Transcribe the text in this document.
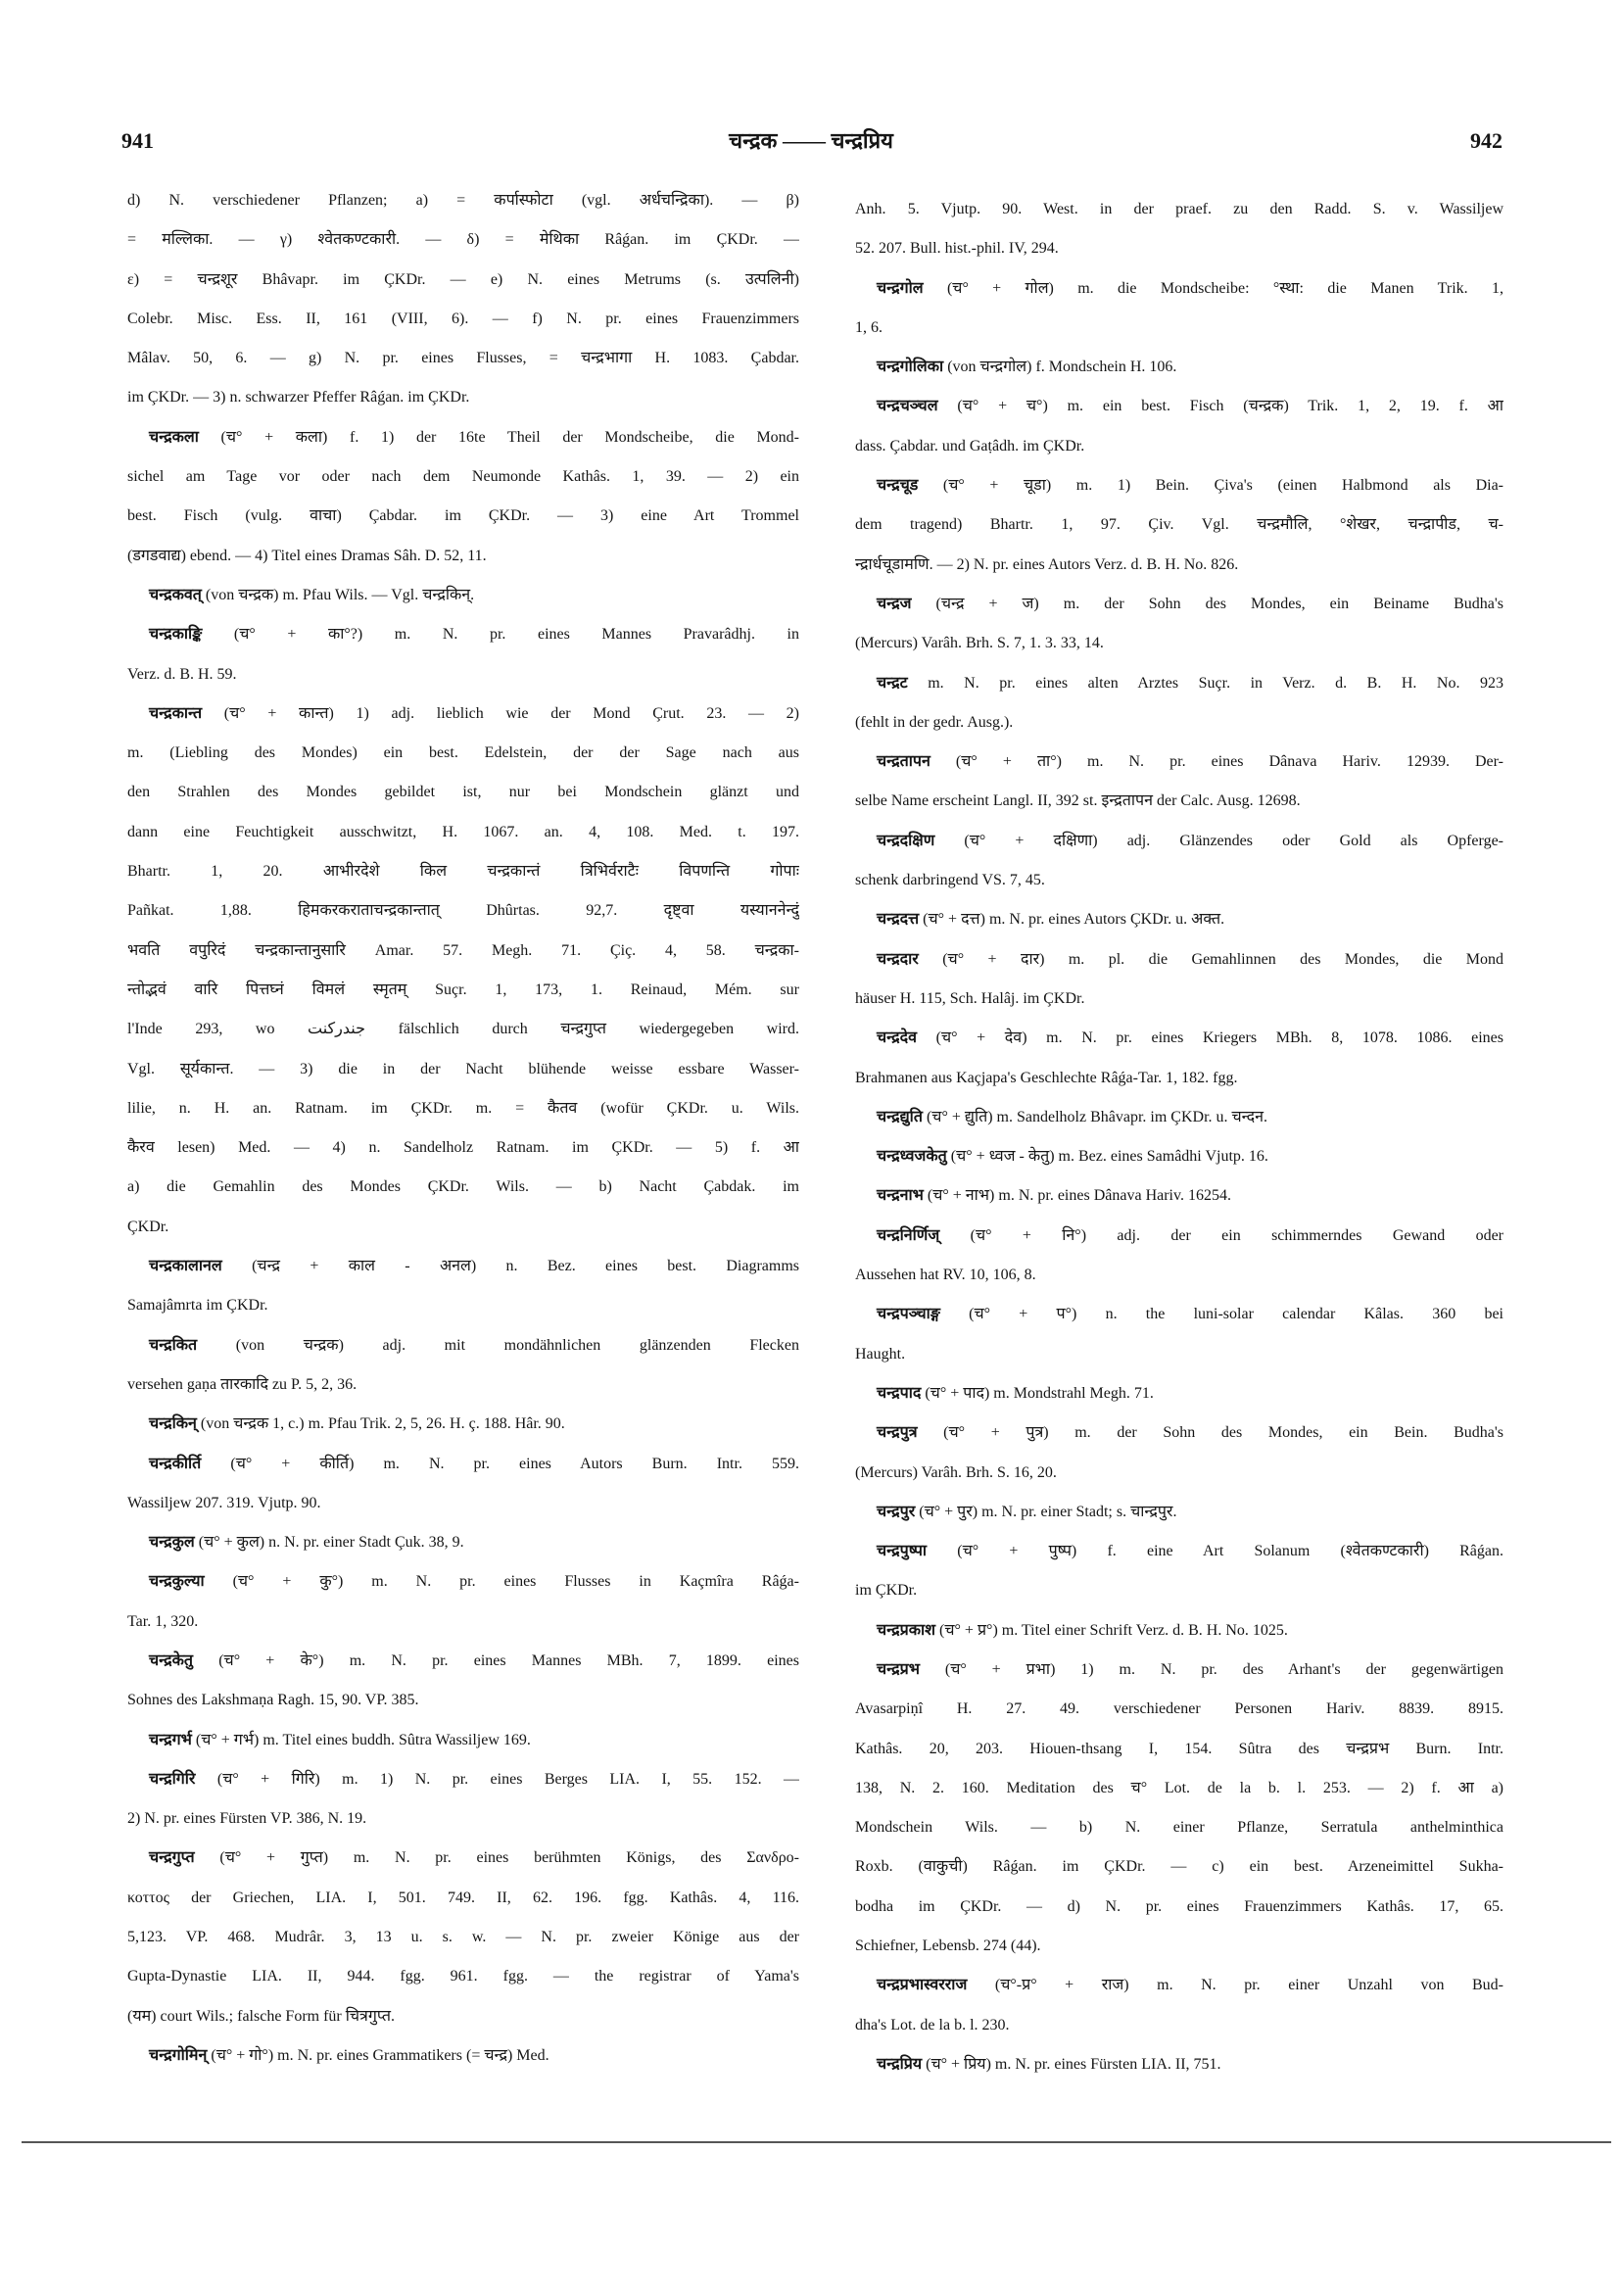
941	चन्द्रक —— चन्द्रप्रिय	942
d) N. verschiedener Pflanzen; a) = कर्पास्फोटा (vgl. अर्धचन्द्रिका). — β)
= मल्लिका. — γ) श्वेतकण्टकारी. — δ) = मेथिका Râǵan. im ÇKDr. —
ε) = चन्द्रशूर Bhâvapr. im ÇKDr. — e) N. eines Metrums (s. उत्पलिनी)
Colebr. Misc. Ess. II, 161 (VIII, 6). — f) N. pr. eines Frauenzimmers
Mâlav. 50, 6. — g) N. pr. eines Flusses, = चन्द्रभागा H. 1083. Çabdar.
im ÇKDr. — 3) n. schwarzer Pfeffer Râǵan. im ÇKDr.
चन्द्रकला (च° + कला) f. 1) der 16te Theil der Mondscheibe, die Mond-
sichel am Tage vor oder nach dem Neumonde Kathâs. 1, 39. — 2) ein
best. Fisch (vulg. वाचा) Çabdar. im ÇKDr. — 3) eine Art Trommel
(डगडवाद्य) ebend. — 4) Titel eines Dramas Sâh. D. 52, 11.
चन्द्रकवत् (von चन्द्रक) m. Pfau Wils. — Vgl. चन्द्रकिन्.
चन्द्रकाङ्कि (च° + का°?) m. N. pr. eines Mannes Pravarâdhj. in
Verz. d. B. H. 59.
चन्द्रकान्त (च° + कान्त) 1) adj. lieblich wie der Mond Çrut. 23. — 2)
m. (Liebling des Mondes) ein best. Edelstein, der der Sage nach aus
den Strahlen des Mondes gebildet ist, nur bei Mondschein glänzt und
dann eine Feuchtigkeit ausschwitzt, H. 1067. an. 4, 108. Med. t. 197.
Bhartr. 1, 20. आभीरदेशे किल चन्द्रकान्तं त्रिभिर्वराटैः विपणन्ति गोपाः
Pañkat. 1,88. हिमकरकराताचन्द्रकान्तात् Dhûrtas. 92,7. दृष्ट्वा यस्याननेन्दुं
भवति वपुरिदं चन्द्रकान्तानुसारि Amar. 57. Megh. 71. Çiç. 4, 58. चन्द्रका-
न्तोद्भवं वारि पित्तघ्नं विमलं स्मृतम् Suçr. 1, 173, 1. Reinaud, Mém. sur
l'Inde 293, wo جندرکنت fälschlich durch चन्द्रगुप्त wiedergegeben wird.
Vgl. सूर्यकान्त. — 3) die in der Nacht blühende weisse essbare Wasser-
lilie, n. H. an. Ratnam. im ÇKDr. m. = कैतव (wofür ÇKDr. u. Wils.
कैरव lesen) Med. — 4) n. Sandelholz Ratnam. im ÇKDr. — 5) f. आ
a) die Gemahlin des Mondes ÇKDr. Wils. — b) Nacht Çabdak. im
ÇKDr.
चन्द्रकालानल (चन्द्र + काल - अनल) n. Bez. eines best. Diagramms
Samajâmrta im ÇKDr.
चन्द्रकित (von चन्द्रक) adj. mit mondähnlichen glänzenden Flecken
versehen gaṇa तारकादि zu P. 5, 2, 36.
चन्द्रकिन् (von चन्द्रक 1, c.) m. Pfau Trik. 2, 5, 26. H. ç. 188. Hâr. 90.
चन्द्रकीर्ति (च° + कीर्ति) m. N. pr. eines Autors Burn. Intr. 559.
Wassiljew 207. 319. Vjutp. 90.
चन्द्रकुल (च° + कुल) n. N. pr. einer Stadt Çuk. 38, 9.
चन्द्रकुल्या (च° + कु°) m. N. pr. eines Flusses in Kaçmîra Râǵa-
Tar. 1, 320.
चन्द्रकेतु (च° + के°) m. N. pr. eines Mannes MBh. 7, 1899. eines
Sohnes des Lakshmaṇa Ragh. 15, 90. VP. 385.
चन्द्रगर्भ (च° + गर्भ) m. Titel eines buddh. Sûtra Wassiljew 169.
चन्द्रगिरि (च° + गिरि) m. 1) N. pr. eines Berges LIA. I, 55. 152. —
2) N. pr. eines Fürsten VP. 386, N. 19.
चन्द्रगुप्त (च° + गुप्त) m. N. pr. eines berühmten Königs, des Σανδρο-
κοττος der Griechen, LIA. I, 501. 749. II, 62. 196. fgg. Kathâs. 4, 116.
5,123. VP. 468. Mudrâr. 3, 13 u. s. w. — N. pr. zweier Könige aus der
Gupta-Dynastie LIA. II, 944. fgg. 961. fgg. — the registrar of Yama's
(यम) court Wils.; falsche Form für चित्रगुप्त.
चन्द्रगोमिन् (च° + गो°) m. N. pr. eines Grammatikers (= चन्द्र) Med.
Anh. 5. Vjutp. 90. West. in der praef. zu den Radd. S. v. Wassiljew
52. 207. Bull. hist.-phil. IV, 294.
चन्द्रगोल (च° + गोल) m. die Mondscheibe: °स्था: die Manen Trik. 1,
1, 6.
चन्द्रगोलिका (von चन्द्रगोल) f. Mondschein H. 106.
चन्द्रचञ्चल (च° + च°) m. ein best. Fisch (चन्द्रक) Trik. 1, 2, 19. f. आ
dass. Çabdar. und Gaṭâdh. im ÇKDr.
चन्द्रचूड (च° + चूडा) m. 1) Bein. Çiva's (einen Halbmond als Dia-
dem tragend) Bhartr. 1, 97. Çiv. Vgl. चन्द्रमौलि, °शेखर, चन्द्रापीड, च-
न्द्रार्धचूडामणि. — 2) N. pr. eines Autors Verz. d. B. H. No. 826.
चन्द्रज (चन्द्र + ज) m. der Sohn des Mondes, ein Beiname Budha's
(Mercurs) Varâh. Brh. S. 7, 1. 3. 33, 14.
चन्द्रट m. N. pr. eines alten Arztes Suçr. in Verz. d. B. H. No. 923
(fehlt in der gedr. Ausg.).
चन्द्रतापन (च° + ता°) m. N. pr. eines Dânava Hariv. 12939. Der-
selbe Name erscheint Langl. II, 392 st. इन्द्रतापन der Calc. Ausg. 12698.
चन्द्रदक्षिण (च° + दक्षिणा) adj. Glänzendes oder Gold als Opferge-
schenk darbringend VS. 7, 45.
चन्द्रदत्त (च° + दत्त) m. N. pr. eines Autors ÇKDr. u. अक्त.
चन्द्रदार (च° + दार) m. pl. die Gemahlinnen des Mondes, die Mond
häuser H. 115, Sch. Halâj. im ÇKDr.
चन्द्रदेव (च° + देव) m. N. pr. eines Kriegers MBh. 8, 1078. 1086. eines
Brahmanen aus Kaçjapa's Geschlechte Râǵa-Tar. 1, 182. fgg.
चन्द्रद्युति (च° + द्युति) m. Sandelholz Bhâvapr. im ÇKDr. u. चन्दन.
चन्द्रध्वजकेतु (च° + ध्वज - केतु) m. Bez. eines Samâdhi Vjutp. 16.
चन्द्रनाभ (च° + नाभ) m. N. pr. eines Dânava Hariv. 16254.
चन्द्रनिर्णिज् (च° + नि°) adj. der ein schimmerndes Gewand oder
Aussehen hat RV. 10, 106, 8.
चन्द्रपञ्चाङ्ग (च° + प°) n. the luni-solar calendar Kâlas. 360 bei
Haught.
चन्द्रपाद (च° + पाद) m. Mondstrahl Megh. 71.
चन्द्रपुत्र (च° + पुत्र) m. der Sohn des Mondes, ein Bein. Budha's
(Mercurs) Varâh. Brh. S. 16, 20.
चन्द्रपुर (च° + पुर) m. N. pr. einer Stadt; s. चान्द्रपुर.
चन्द्रपुष्पा (च° + पुष्प) f. eine Art Solanum (श्वेतकण्टकारी) Râǵan.
im ÇKDr.
चन्द्रप्रकाश (च° + प्र°) m. Titel einer Schrift Verz. d. B. H. No. 1025.
चन्द्रप्रभ (च° + प्रभा) 1) m. N. pr. des Arhant's der gegenwärtigen
Avasarpiṇî H. 27. 49. verschiedener Personen Hariv. 8839. 8915.
Kathâs. 20, 203. Hiouen-thsang I, 154. Sûtra des चन्द्रप्रभ Burn. Intr.
138, N. 2. 160. Meditation des च° Lot. de la b. l. 253. — 2) f. आ a)
Mondschein Wils. — b) N. einer Pflanze, Serratula anthelminthica
Roxb. (वाकुची) Râǵan. im ÇKDr. — c) ein best. Arzeneimittel Sukha-
bodha im ÇKDr. — d) N. pr. eines Frauenzimmers Kathâs. 17, 65.
Schiefner, Lebensb. 274 (44).
चन्द्रप्रभास्वरराज (च°-प्र° + राज) m. N. pr. einer Unzahl von Bud-
dha's Lot. de la b. l. 230.
चन्द्रप्रिय (च° + प्रिय) m. N. pr. eines Fürsten LIA. II, 751.
